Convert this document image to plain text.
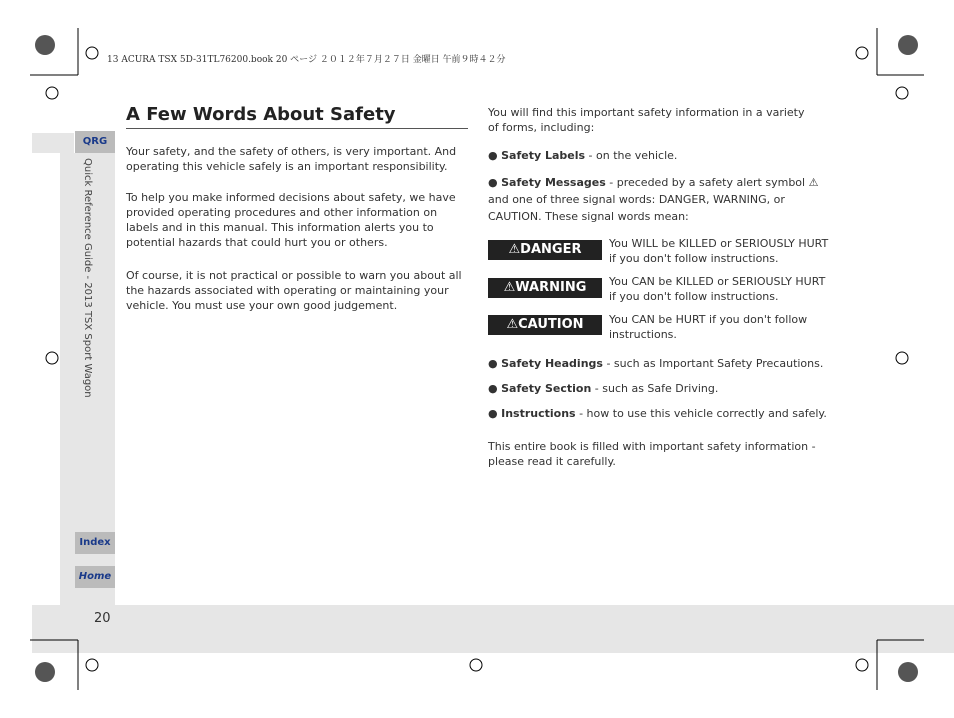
13 ACURA TSX 5D-31TL76200.book 20 ページ ２０１２年７月２７日 金曜日 午前９時４２分
QRG
Quick Reference Guide - 2013 TSX Sport Wagon
Index
Home
20
A Few Words About Safety
Your safety, and the safety of others, is very important. And operating this vehicle safely is an important responsibility.
To help you make informed decisions about safety, we have provided operating procedures and other information on labels and in this manual. This information alerts you to potential hazards that could hurt you or others.
Of course, it is not practical or possible to warn you about all the hazards associated with operating or maintaining your vehicle. You must use your own good judgement.
You will find this important safety information in a variety of forms, including:
● Safety Labels - on the vehicle.
● Safety Messages - preceded by a safety alert symbol ⚠ and one of three signal words: DANGER, WARNING, or CAUTION. These signal words mean:
⚠DANGER	You WILL be KILLED or SERIOUSLY HURT if you don't follow instructions.
⚠WARNING	You CAN be KILLED or SERIOUSLY HURT if you don't follow instructions.
⚠CAUTION	You CAN be HURT if you don't follow instructions.
● Safety Headings - such as Important Safety Precautions.
● Safety Section - such as Safe Driving.
● Instructions - how to use this vehicle correctly and safely.
This entire book is filled with important safety information - please read it carefully.
